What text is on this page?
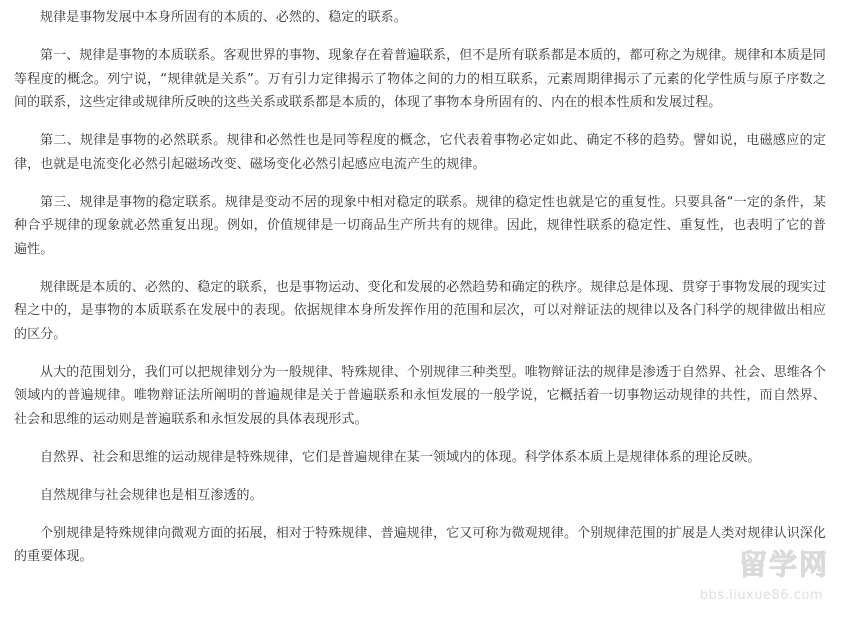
规律是事物发展中本身所固有的本质的、必然的、稳定的联系。

第一、规律是事物的本质联系。客观世界的事物、现象存在着普遍联系，但不是所有联系都是本质的，都可称之为规律。规律和本质是同等程度的概念。列宁说，“规律就是关系”。万有引力定律揭示了物体之间的力的相互联系，元素周期律揭示了元素的化学性质与原子序数之间的联系，这些定律或规律所反映的这些关系或联系都是本质的，体现了事物本身所固有的、内在的根本性质和发展过程。

第二、规律是事物的必然联系。规律和必然性也是同等程度的概念，它代表着事物必定如此、确定不移的趋势。譬如说，电磁感应的定律，也就是电流变化必然引起磁场改变、磁场变化必然引起感应电流产生的规律。

第三、规律是事物的稳定联系。规律是变动不居的现象中相对稳定的联系。规律的稳定性也就是它的重复性。只要具备“一定的条件，某种合乎规律的现象就必然重复出现。例如，价值规律是一切商品生产所共有的规律。因此，规律性联系的稳定性、重复性，也表明了它的普遍性。

规律既是本质的、必然的、稳定的联系，也是事物运动、变化和发展的必然趋势和确定的秩序。规律总是体现、贯穿于事物发展的现实过程之中的，是事物的本质联系在发展中的表现。依据规律本身所发挥作用的范围和层次，可以对辩证法的规律以及各门科学的规律做出相应的区分。

从大的范围划分，我们可以把规律划分为一般规律、特殊规律、个别规律三种类型。唯物辩证法的规律是渗透于自然界、社会、思维各个领域内的普遍规律。唯物辩证法所阐明的普遍规律是关于普遍联系和永恒发展的一般学说，它概括着一切事物运动规律的共性，而自然界、社会和思维的运动则是普遍联系和永恒发展的具体表现形式。

自然界、社会和思维的运动规律是特殊规律，它们是普遍规律在某一领域内的体现。科学体系本质上是规律体系的理论反映。

自然规律与社会规律也是相互渗透的。

个别规律是特殊规律向微观方面的拓展，相对于特殊规律、普遍规律，它又可称为微观规律。个别规律范围的扩展是人类对规律认识深化的重要体现。	留学网
bbs.liuxue86.com
